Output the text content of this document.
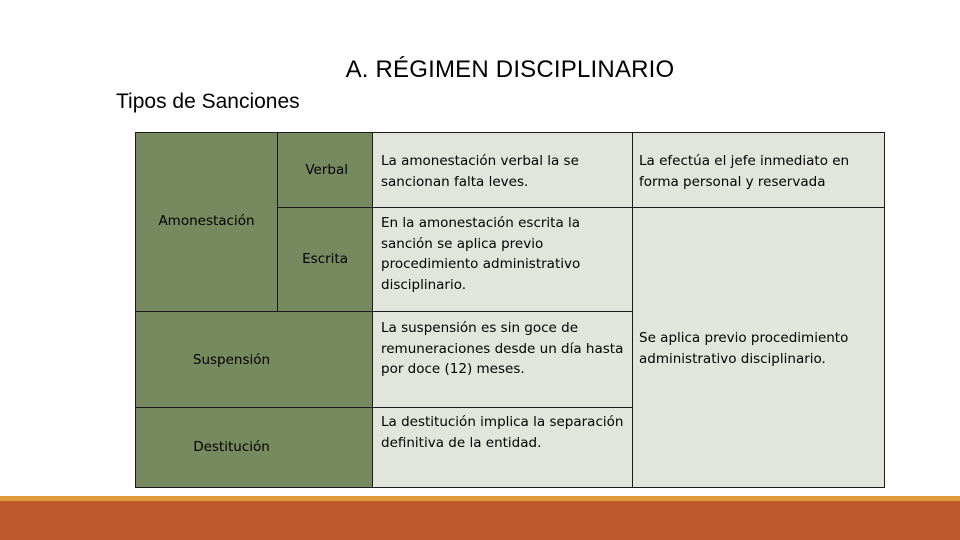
A. RÉGIMEN DISCIPLINARIO
Tipos de Sanciones
Amonestación
Verbal
Escrita
Suspensión
Destitución
La amonestación verbal la se sancionan falta leves.
En la amonestación escrita la sanción se aplica previo procedimiento administrativo disciplinario.
La suspensión es sin goce de remuneraciones desde un día hasta por doce (12) meses.
La destitución implica la separación definitiva de la entidad.
La efectúa el jefe inmediato en forma personal y reservada
Se aplica previo procedimiento administrativo disciplinario.
